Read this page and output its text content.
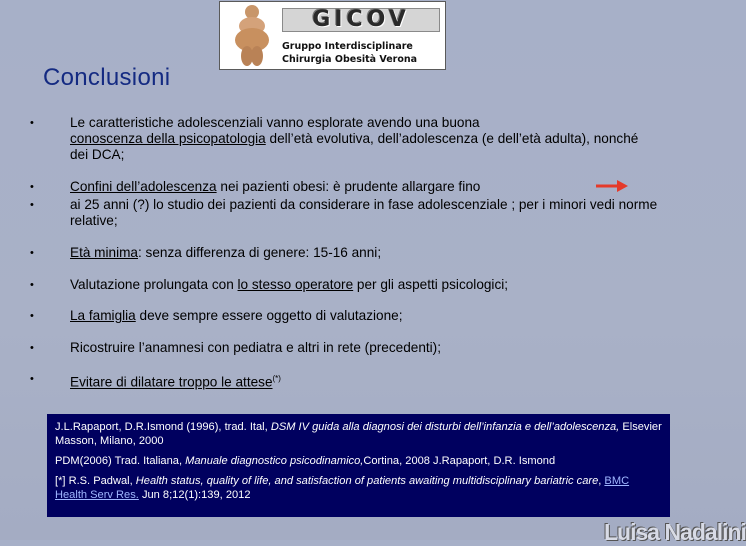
GICOV
Gruppo Interdisciplinare
Chirurgia Obesità Verona
Conclusioni
•	Le caratteristiche adolescenziali vanno esplorate avendo una buona
conoscenza della psicopatologia dell’età evolutiva, dell’adolescenza (e dell’età adulta), nonché dei DCA;
•	Confini dell’adolescenza nei pazienti obesi: è prudente allargare fino
•	ai 25 anni (?) lo studio dei pazienti da considerare in fase adolescenziale ; per i minori vedi norme relative;
•	Età minima: senza differenza di genere: 15-16 anni;
•	Valutazione prolungata con lo stesso operatore per gli aspetti psicologici;
•	La famiglia deve sempre essere oggetto di valutazione;
•	Ricostruire l’anamnesi con pediatra e altri in rete (precedenti);
•	Evitare di dilatare troppo le attese(*)

J.L.Rapaport, D.R.Ismond (1996), trad. Ital, DSM IV guida alla diagnosi dei disturbi dell’infanzia e dell’adolescenza, Elsevier Masson, Milano, 2000

PDM(2006) Trad. Italiana, Manuale diagnostico psicodinamico,Cortina, 2008 J.Rapaport, D.R. Ismond

[*] R.S. Padwal, Health status, quality of life, and satisfaction of patients awaiting multidisciplinary bariatric care, BMC Health Serv Res. Jun 8;12(1):139, 2012

Luisa Nadalini
